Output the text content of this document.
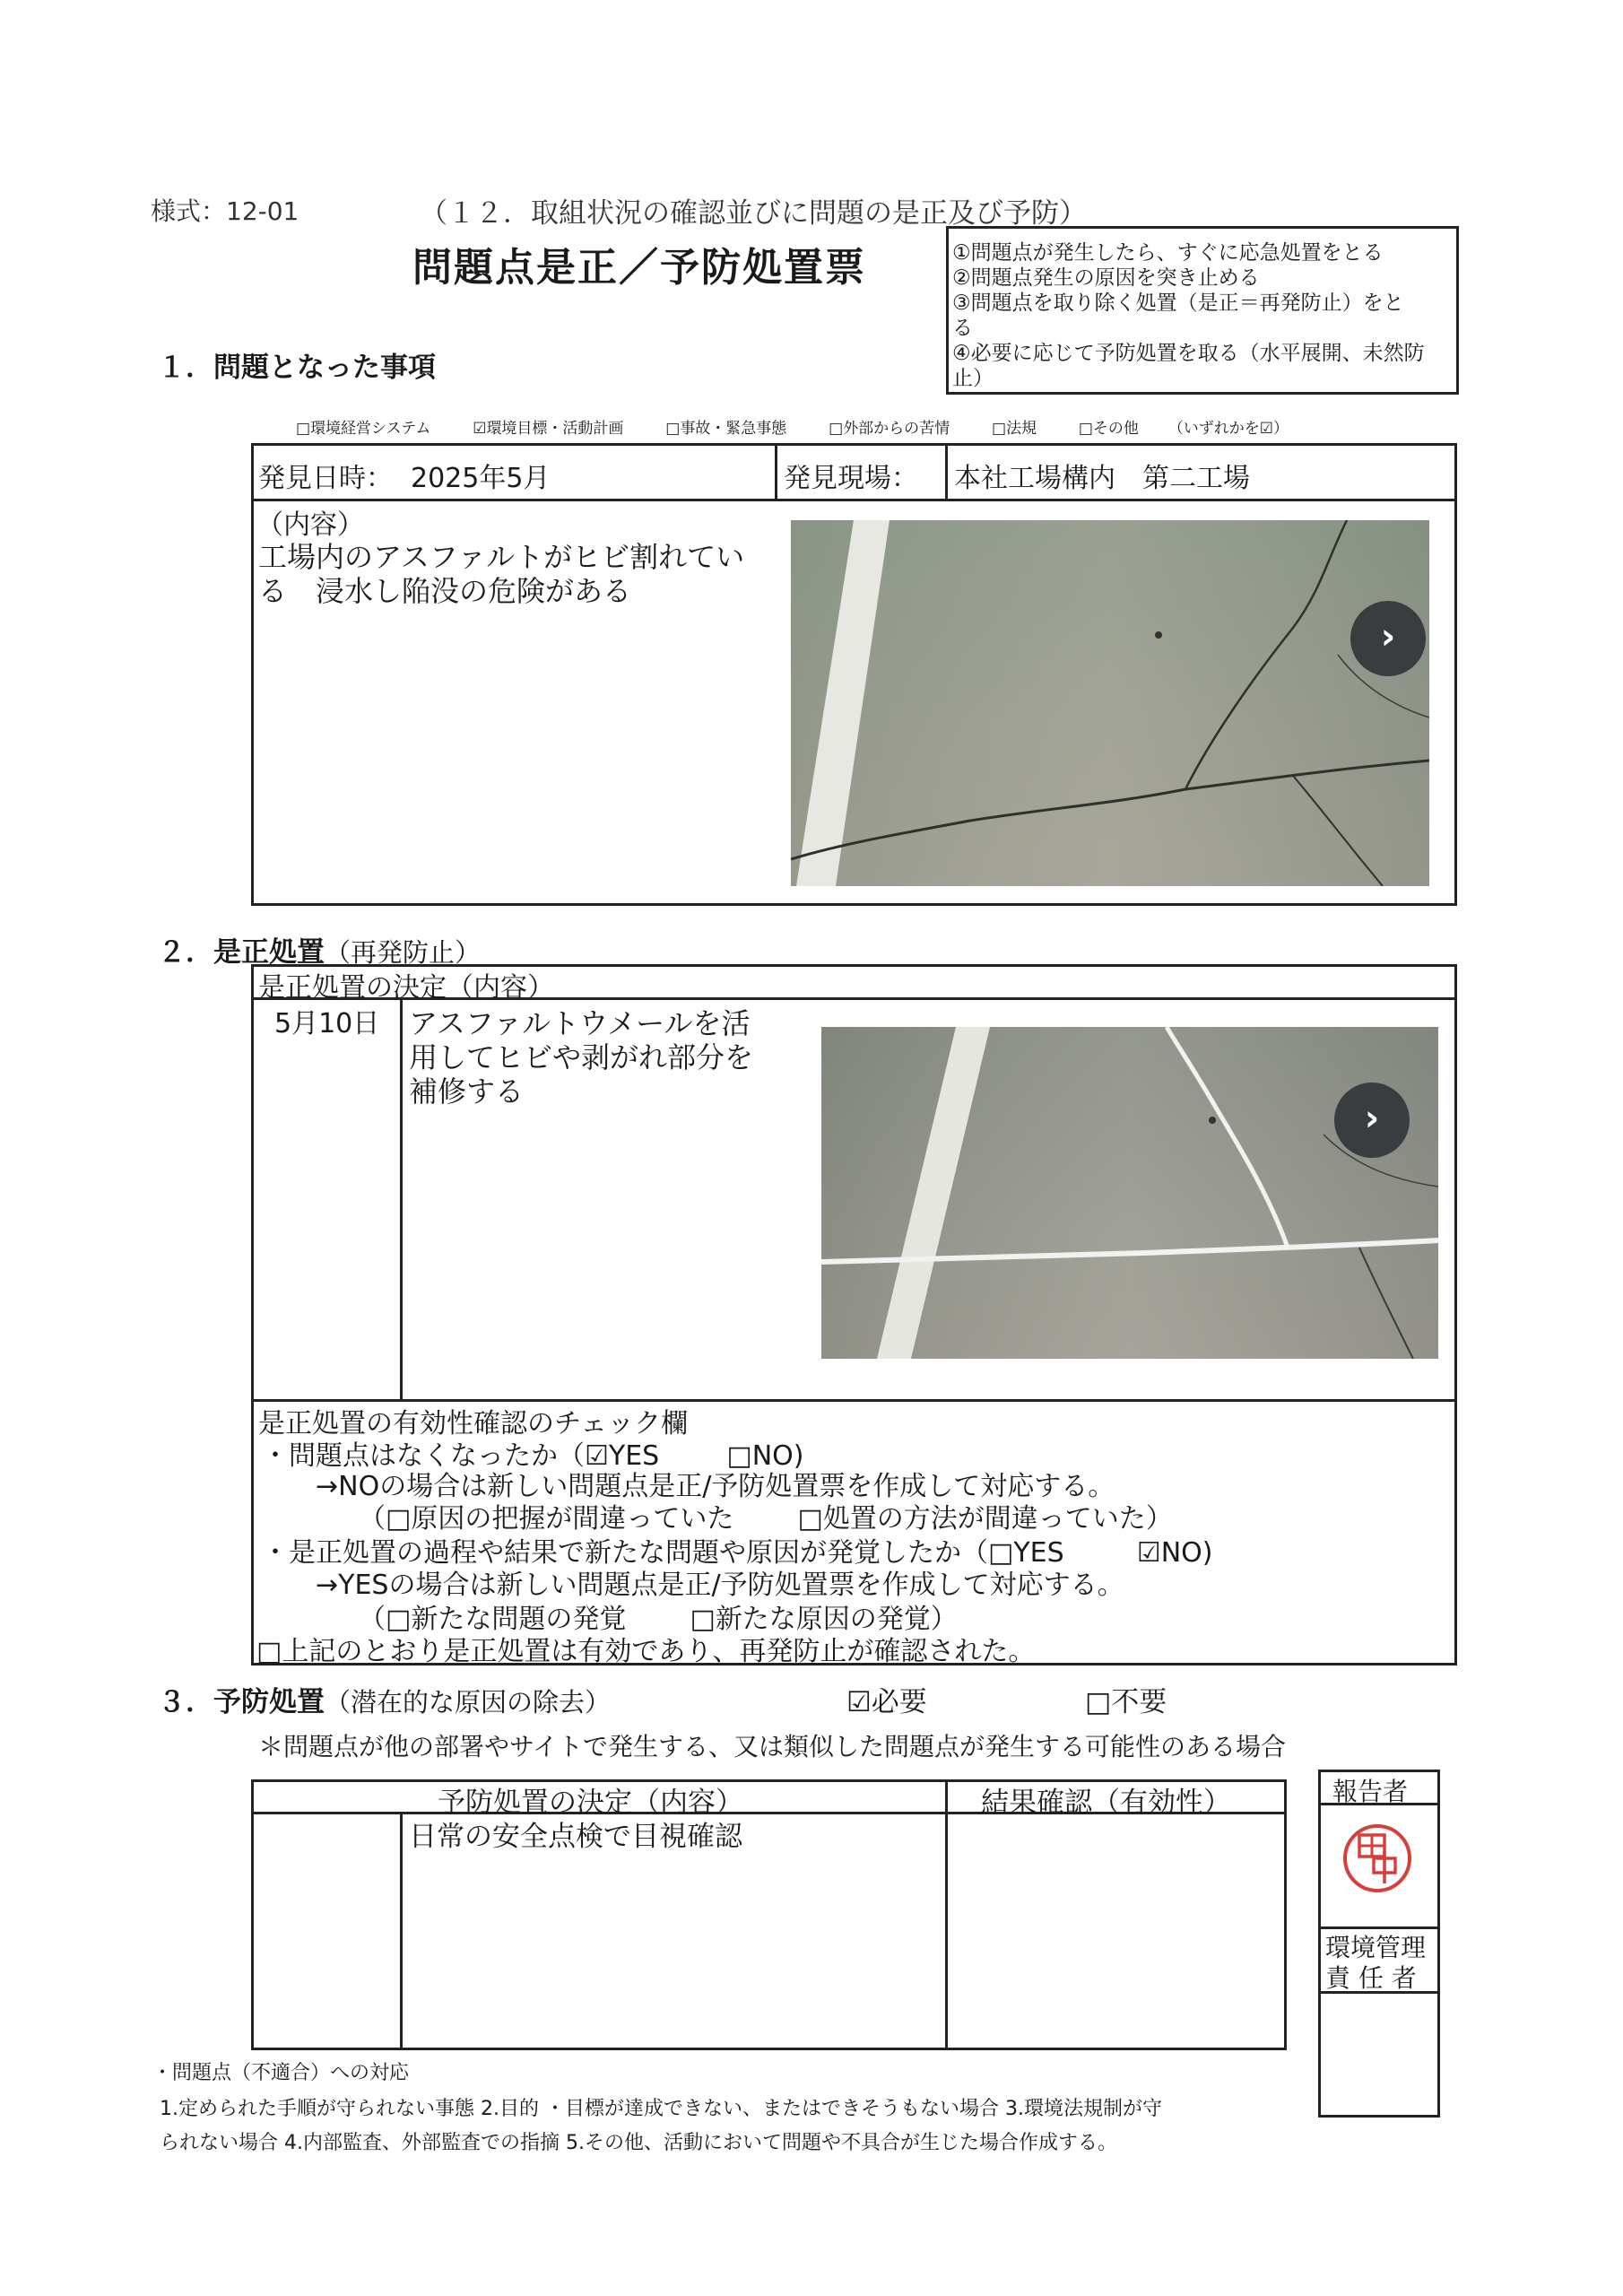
様式：12-01	（１２．取組状況の確認並びに問題の是正及び予防）
問題点是正／予防処置票	①問題点が発生したら、すぐに応急処置をとる
②問題点発生の原因を突き止める
③問題点を取り除く処置（是正＝再発防止）をと
る
④必要に応じて予防処置を取る（水平展開、未然防
止）
１．問題となった事項
□ 環境経営システム ☑	環境目標・活動計画 □	事故・緊急事態 □	外部からの苦情 □	法規 □	その他 （いずれかを☑）
発見日時： 2025年5月	発見現場： 本社工場構内　第二工場
（内容）
工場内のアスファルトがヒビ割れてい
る　浸水し陥没の危険がある
›
２．是正処置（再発防止）
是正処置の決定（内容）
5月10日 アスファルトウメールを活
用してヒビや剥がれ部分を
補修する
›
是正処置の有効性確認のチェック欄
・問題点はなくなったか（ ☑ YES □	NO)
→NOの場合は新しい問題点是正/予防処置票を作成して対応する。
（ □ 原因の把握が間違っていた □	処置の方法が間違っていた）
・是正処置の過程や結果で新たな問題や原因が発覚したか（ □ YES ☑	NO)
→YESの場合は新しい問題点是正/予防処置票を作成して対応する。
（ □ 新たな問題の発覚 □	新たな原因の発覚）
□ 上記のとおり是正処置は有効であり、再発防止が確認された。
３．予防処置（潜在的な原因の除去） ☑	必要 □	不要
＊問題点が他の部署やサイトで発生する、又は類似した問題点が発生する可能性のある場合
予防処置の決定（内容）	結果確認（有効性）
日常の安全点検で目視確認
報告者
環境管理
責 任 者
・問題点（不適合）への対応
1.定められた手順が守られない事態 2.目的 ・目標が達成できない、またはできそうもない場合 3.環境法規制が守
られない場合 4.内部監査、外部監査での指摘 5.その他、活動において問題や不具合が生じた場合作成する。
